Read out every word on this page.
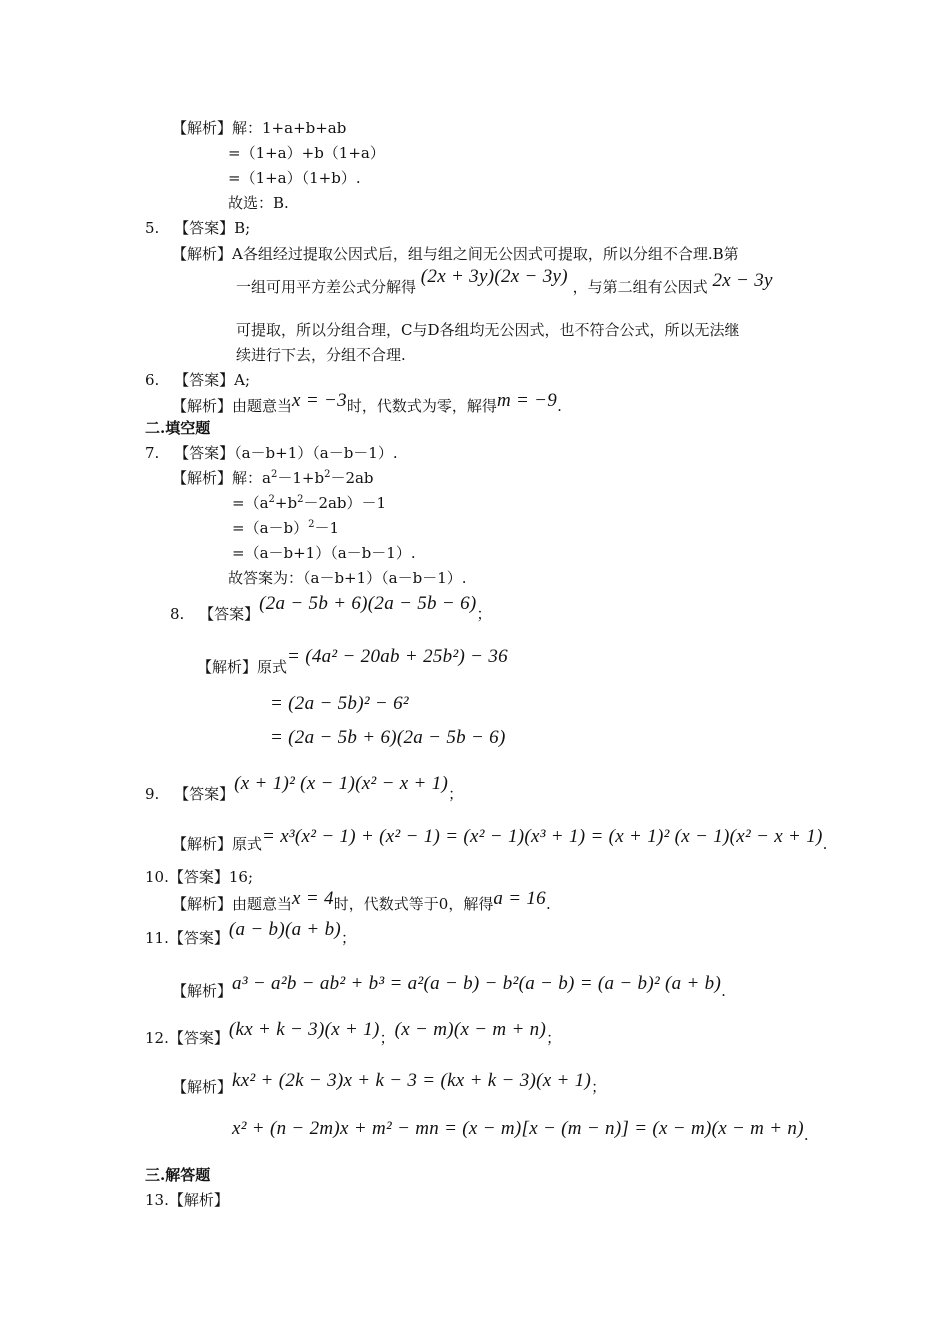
【解析】解：1+a+b+ab
=（1+a）+b（1+a）
=（1+a）（1+b）.
故选：B.
5. 【答案】B;
【解析】A各组经过提取公因式后，组与组之间无公因式可提取，所以分组不合理.B第
一组可用平方差公式分解得 (2x + 3y)(2x − 3y) ，与第二组有公因式 2x − 3y
可提取，所以分组合理，C与D各组均无公因式，也不符合公式，所以无法继
续进行下去，分组不合理.
6. 【答案】A;
【解析】由题意当x = −3时，代数式为零，解得m = −9.
二.填空题
7. 【答案】（a－b+1）（a－b－1）.
【解析】解：$a^2-1+b^2-2ab$
$=(a^2+b^2-2ab)-1$
$=(a-b)^2-1$
=（a－b+1）（a－b－1）.
故答案为：（a－b+1）（a－b－1）.
8. 【答案】(2a − 5b + 6)(2a − 5b − 6)；
【解析】原式= (4a² − 20ab + 25b²) − 36
= (2a − 5b)² − 6²
= (2a − 5b + 6)(2a − 5b − 6)
9. 【答案】(x + 1)² (x − 1)(x² − x + 1)；
【解析】原式= x³(x² − 1) + (x² − 1) = (x² − 1)(x³ + 1) = (x + 1)² (x − 1)(x² − x + 1).
10.【答案】16;
【解析】由题意当x = 4时，代数式等于0，解得a = 16.
11.【答案】(a − b)(a + b)；
【解析】a³ − a²b − ab² + b³ = a²(a − b) − b²(a − b) = (a − b)² (a + b).
12.【答案】(kx + k − 3)(x + 1)；(x − m)(x − m + n)；
【解析】kx² + (2k − 3)x + k − 3 = (kx + k − 3)(x + 1)；
x² + (n − 2m)x + m² − mn = (x − m)[x − (m − n)] = (x − m)(x − m + n).
三.解答题
13.【解析】
